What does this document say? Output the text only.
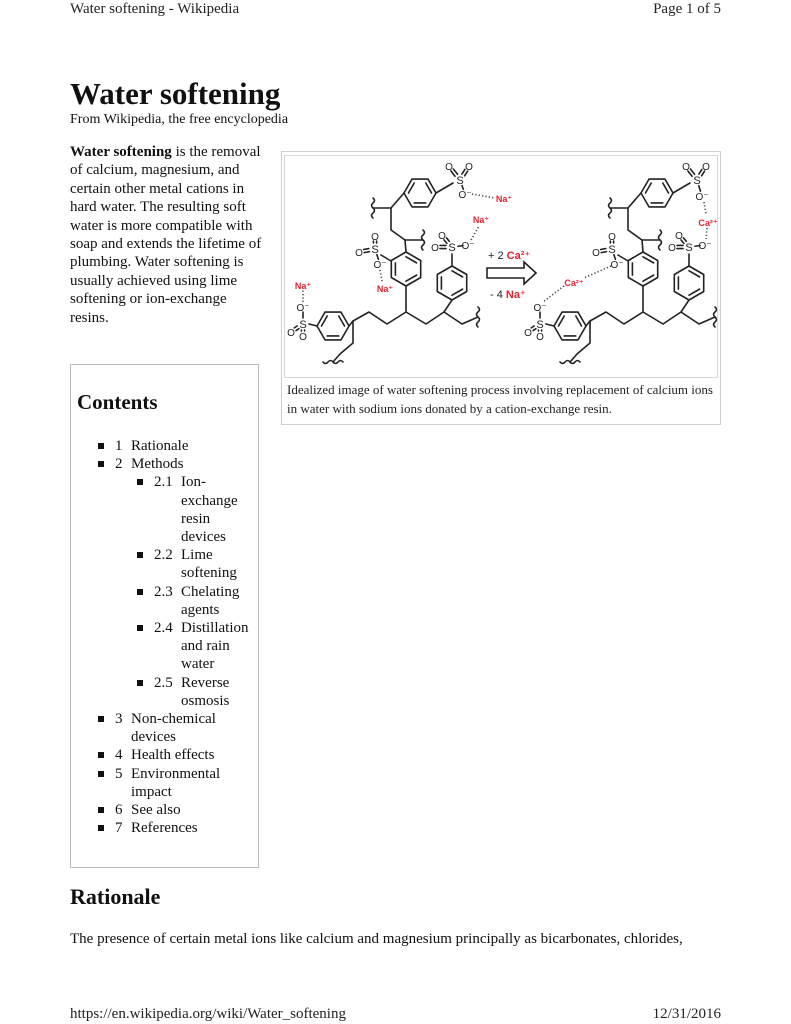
Water softening - Wikipedia	Page 1 of 5
Water softening
From Wikipedia, the free encyclopedia
Water softening is the removal of calcium, magnesium, and certain other metal cations in hard water. The resulting soft water is more compatible with soap and extends the lifetime of plumbing. Water softening is usually achieved using lime softening or ion-exchange resins.
S
O O
O⁻	Na⁺
S
O
O
O⁻
Na⁺
S
O
O
O⁻
Na⁺
S
O O
O⁻
Na⁺
S
O O
O⁻
S
O
O
O⁻
Ca²⁺
S
O
O
O⁻
S
O O
O⁻
Ca²⁺
+ 2 Ca²⁺
- 4 Na⁺
Idealized image of water softening process involving replacement of calcium ions in water with sodium ions donated by a cation-exchange resin.
Contents
1 Rationale
2 Methods
2.1 Ion-exchange resin devices
2.2 Lime softening
2.3 Chelating agents
2.4 Distillation and rain water
2.5 Reverse osmosis
3 Non-chemical devices
4 Health effects
5 Environmental impact
6 See also
7 References
Rationale
The presence of certain metal ions like calcium and magnesium principally as bicarbonates, chlorides,
https://en.wikipedia.org/wiki/Water_softening	12/31/2016
